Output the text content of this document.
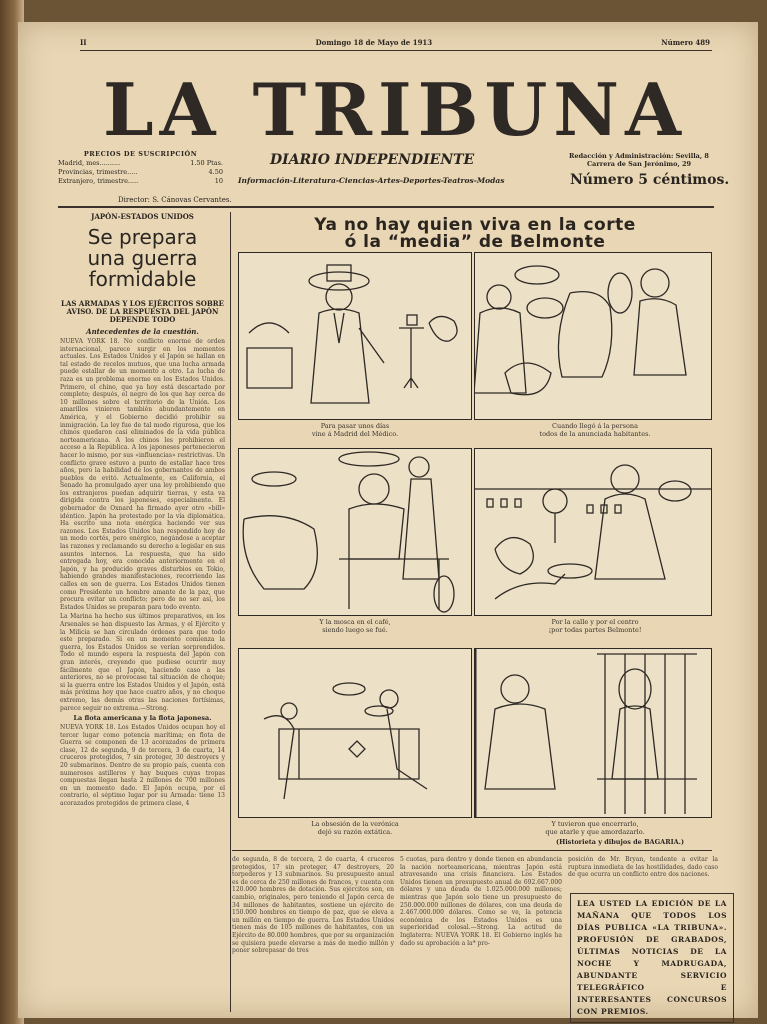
II	Domingo 18 de Mayo de 1913	Número 489
LA TRIBUNA
DIARIO INDEPENDIENTE
Información-Literatura-Ciencias-Artes-Deportes-Teatros-Modas
PRECIOS DE SUSCRIPCIÓN
Madrid, mes..........	1.50 Ptas.
Provincias, trimestre.....	4.50
Extranjero, trimestre.....	10
Redacción y Administración: Sevilla, 8
Carrera de San Jerónimo, 29
Número 5 céntimos.
Director: S. Cánovas Cervantes.
JAPÓN-ESTADOS UNIDOS
Se prepara
una guerra
formidable
LAS ARMADAS Y LOS EJÉRCITOS SOBRE AVISO. DE LA RESPUESTA DEL JAPÓN DEPENDE TODO
Antecedentes de la cuestión.
NUEVA YORK 18. No conflicto enorme de orden internacional, parece surgir en los momentos actuales. Los Estados Unidos y el Japón se hallan en tal estado de recelos mutuos, que una lucha armada puede estallar de un momento a otro. La lucha de raza es un problema enorme en los Estados Unidos. Primero, el chino, que ya hoy está descartado por completo; después, el negro de los que hay cerca de 10 millones sobre el territorio de la Unión. Los amarillos vinieron también abundantemente en América, y el Gobierno decidió prohibir su inmigración. La ley fue de tal modo rigurosa, que los chinos quedaron casi eliminados de la vida pública norteamericana. A los chinos les prohibieron el acceso a la República. A los japoneses pertenecieron hacer lo mismo, por sus «influencias» restrictivas. Un conflicto grave estuvo a punto de estallar hace tres años, pero la habilidad de los gobernantes de ambos pueblos de evitó. Actualmente, en California, el Senado ha promulgado ayer una ley prohibiendo que los extranjeros puedan adquirir tierras, y esta va dirigida contra los japoneses, especialmente. El gobernador de Oxnard ha firmado ayer otro «bill» idéntico. Japón ha protestado por la vía diplomática. Ha escrito una nota enérgica haciendo ver sus razones. Los Estados Unidos han respondido hoy de un modo cortés, pero enérgico, negándose a aceptar las razones y reclamando su derecho a legislar en sus asuntos internos. La respuesta, que ha sido entregada hoy, era conocida anteriormente en el Japón, y ha producido graves disturbios en Tokio, habiendo grandes manifestaciones, recorriendo las calles en son de guerra. Los Estados Unidos tienen como Presidente un hombre amante de la paz, que procura evitar un conflicto; pero de no ser así, los Estados Unidos se preparan para todo evento.
La Marina ha hecho sus últimos preparativos, en los Arsenales se han dispuesto las Armas, y el Ejército y la Milicia se han circulado órdenes para que todo este preparado. Si en un momento comienza la guerra, los Estados Unidos se verían sorprendidos. Todo el mundo espera la respuesta del Japón con gran interés, creyendo que pudiese ocurrir muy fácilmente que el Japón, haciendo caso a las anteriores, no se provocase tal situación de choque; si la guerra entre los Estados Unidos y el Japón, está más próxima hoy que hace cuatro años, y no choque extremo, las demás otras las naciones fortísimas, parece seguir no extrema.—Strong.
La flota americana y la flota japonesa.
NUEVA YORK 18. Los Estados Unidos ocupan hoy el tercer lugar como potencia marítima; en flota de Guerra se componen de 13 acorazados de primera clase, 12 de segunda, 9 de tercera, 3 de cuarta, 14 cruceros protegidos, 7 sin proteger, 30 destroyers y 20 submarinos. Dentro de su propio país, cuenta con numerosos astilleros y hay buques cuyas tropas compuestas llegan hasta 2 millones de 700 millones en un momento dado. El Japón ocupa, por el contrario, el séptimo lugar por su Armada: tiene 13 acorazados protegidos de primera clase, 4
Ya no hay quien viva en la corte
ó la “media” de Belmonte
Para pasar unos días
vine á Madrid del Médico.
Cuando llegó á la persona
todos de la anunciada habitantes.
Y la mosca en el café,
siendo luego se fué.
Por la calle y por el centro
¡por todas partes Belmonte!
La obsesión de la verónica
dejó su razón extática.
Y tuvieron que encerrarlo,
que atarle y que amordazarlo.
(Historieta y dibujos de BAGARIA.)
de segunda, 8 de tercera, 2 de cuarta, 4 cruceros protegidos, 17 sin proteger, 47 destroyers, 20 torpederos y 13 submarinos. Su presupuesto anual es de cerca de 250 millones de francos, y cuenta con 120.000 hombres de dotación. Sus ejércitos son, en cambio, originales, pero teniendo el Japón cerca de 34 millones de habitantes, sostiene un ejército de 150.000 hombres en tiempo de paz, que se eleva a un millón en tiempo de guerra. Los Estados Unidos tienen más de 105 millones de habitantes, con un Ejército de 80.000 hombres, que por su organización se quisiera puede elevarse a más de medio millón y poner sobrepasar de tres
5 cuotas, para dentro y donde tienen en abundancia la nación norteamericana, mientras Japón está atravesando una crisis financiera. Los Estados Unidos tienen un presupuesto anual de 692.667.000 dólares y una deuda de 1.025.000.000 millones; mientras que Japón solo tiene un presupuesto de 250.000.000 millones de dólares, con una deuda de 2.467.000.000 dólares. Como se ve, la potencia económica de los Estados Unidos es una superioridad colosal.—Strong. La actitud de Inglaterra: NUEVA YORK 18. El Gobierno inglés ha dado su aprobación a la* pro-
posición de Mr. Bryan, tendente a evitar la ruptura inmediata de las hostilidades, dado caso de que ocurra un conflicto entre dos naciones.
LEA USTED LA EDICIÓN DE LA MAÑANA QUE TODOS LOS DÍAS PUBLICA «LA TRIBUNA». PROFUSIÓN DE GRABADOS, ÚLTIMAS NOTICIAS DE LA NOCHE Y MADRUGADA, ABUNDANTE SERVICIO TELEGRÁFICO E INTERESANTES CONCURSOS CON PREMIOS.
